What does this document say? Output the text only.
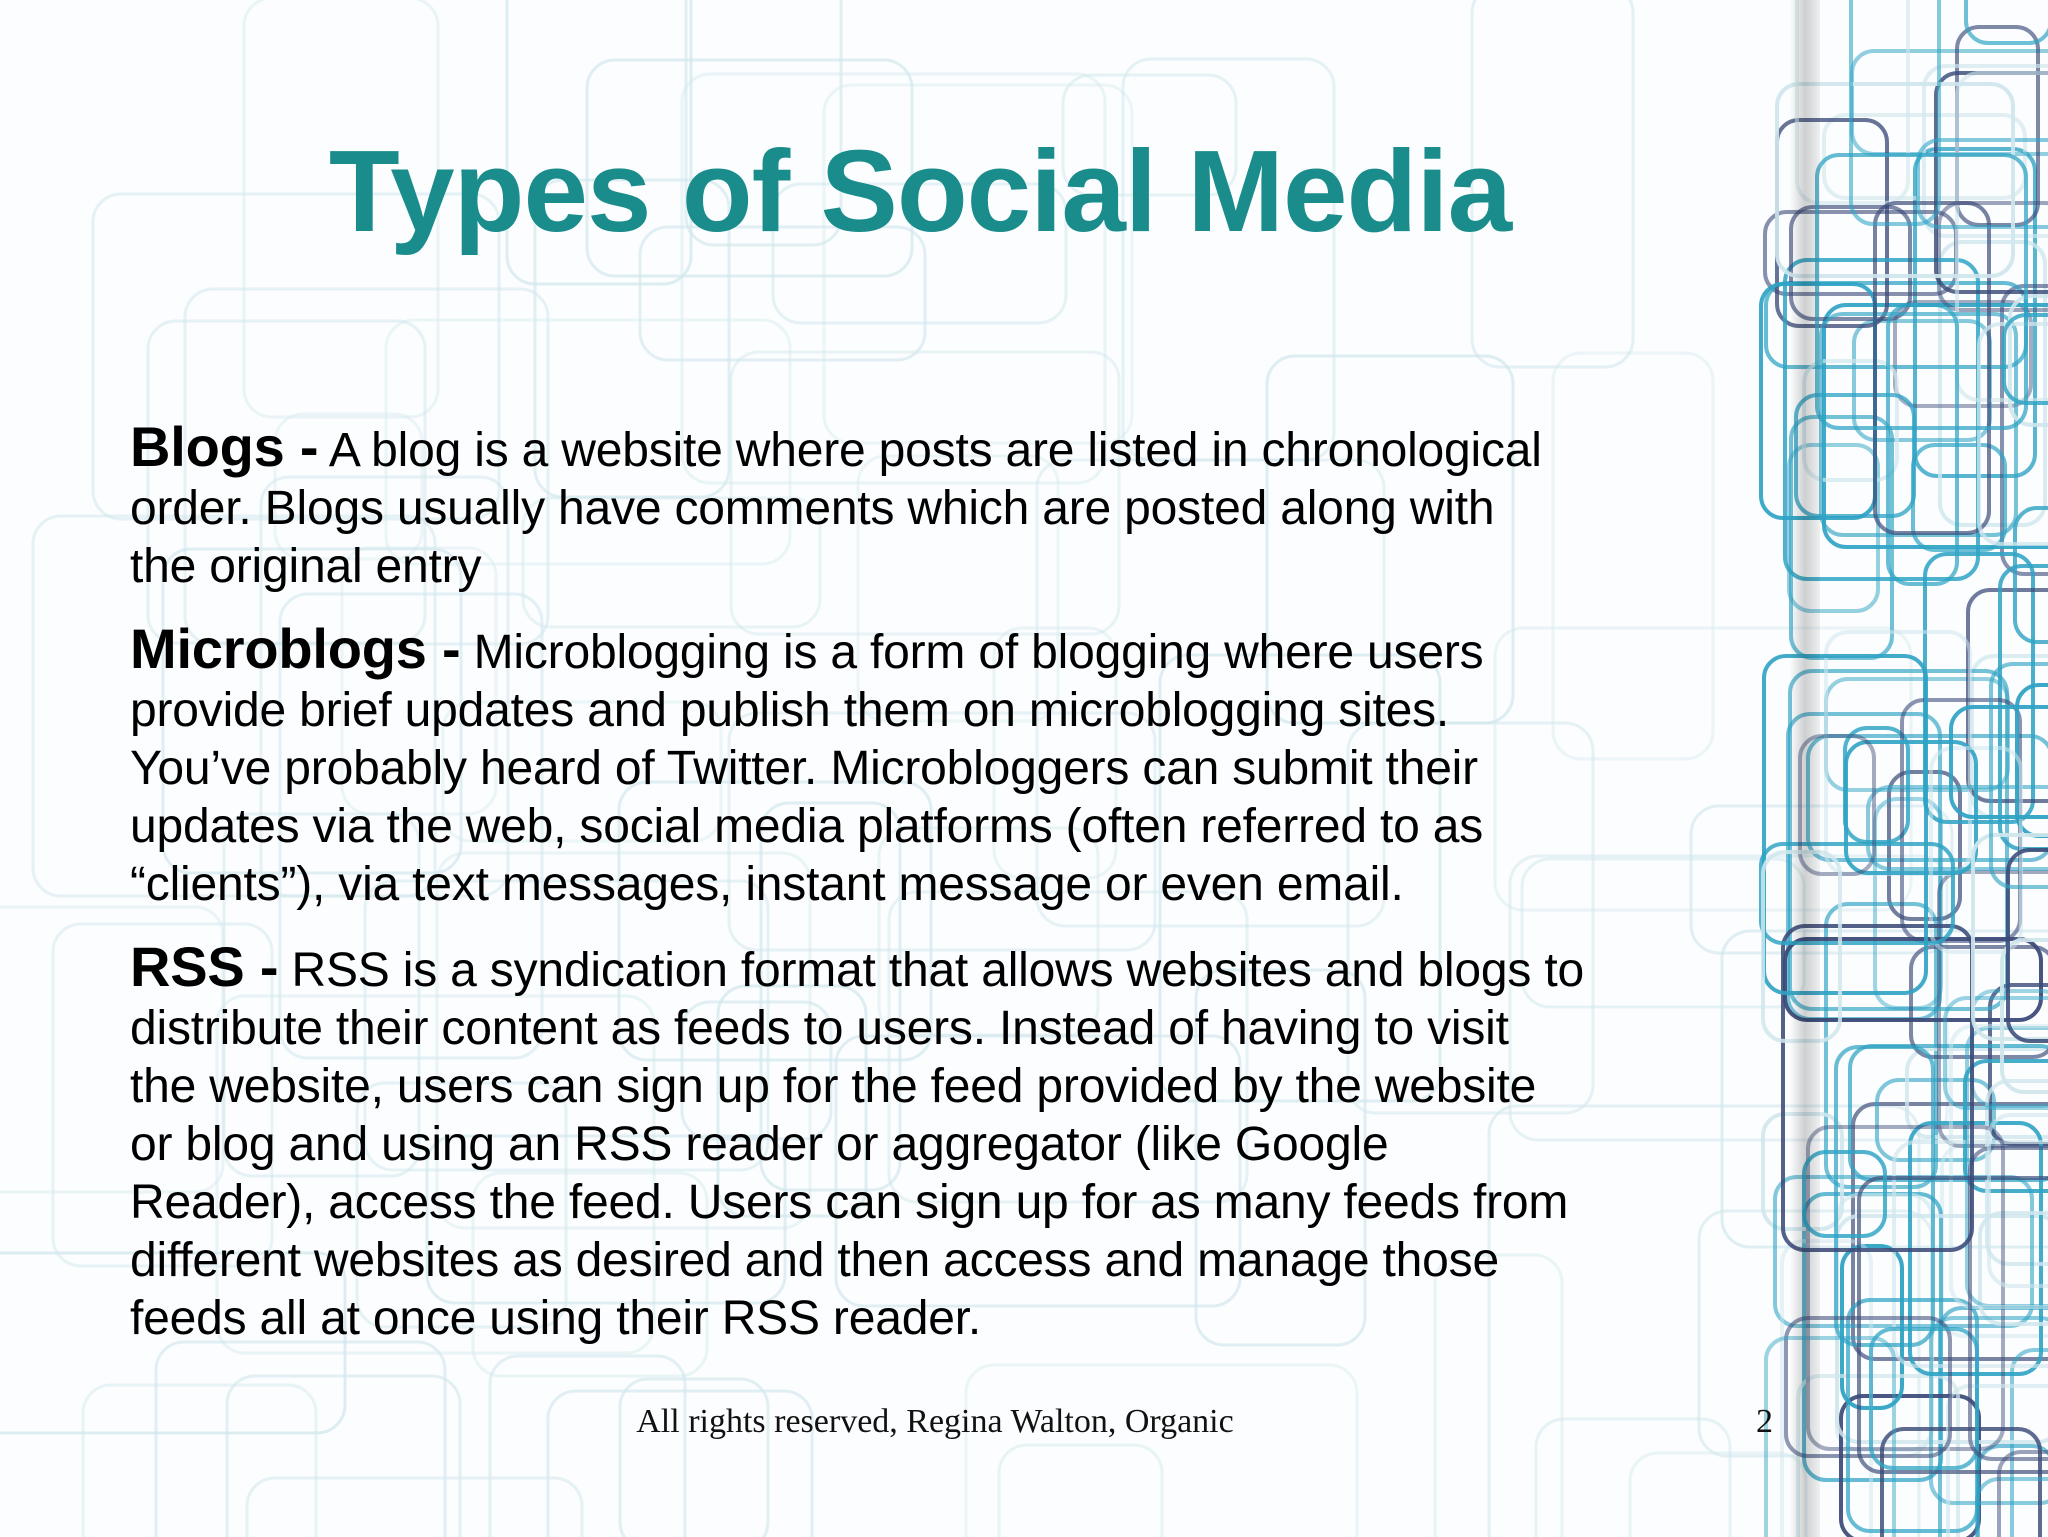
Types of Social Media
Blogs - A blog is a website where posts are listed in chronological
order. Blogs usually have comments which are posted along with
the original entry
Microblogs - Microblogging is a form of blogging where users
provide brief updates and publish them on microblogging sites.
You’ve probably heard of Twitter. Microbloggers can submit their
updates via the web, social media platforms (often referred to as
“clients”), via text messages, instant message or even email.
RSS - RSS is a syndication format that allows websites and blogs to
distribute their content as feeds to users. Instead of having to visit
the website, users can sign up for the feed provided by the website
or blog and using an RSS reader or aggregator (like Google
Reader), access the feed. Users can sign up for as many feeds from
different websites as desired and then access and manage those
feeds all at once using their RSS reader.
All rights reserved, Regina Walton, Organic	2
